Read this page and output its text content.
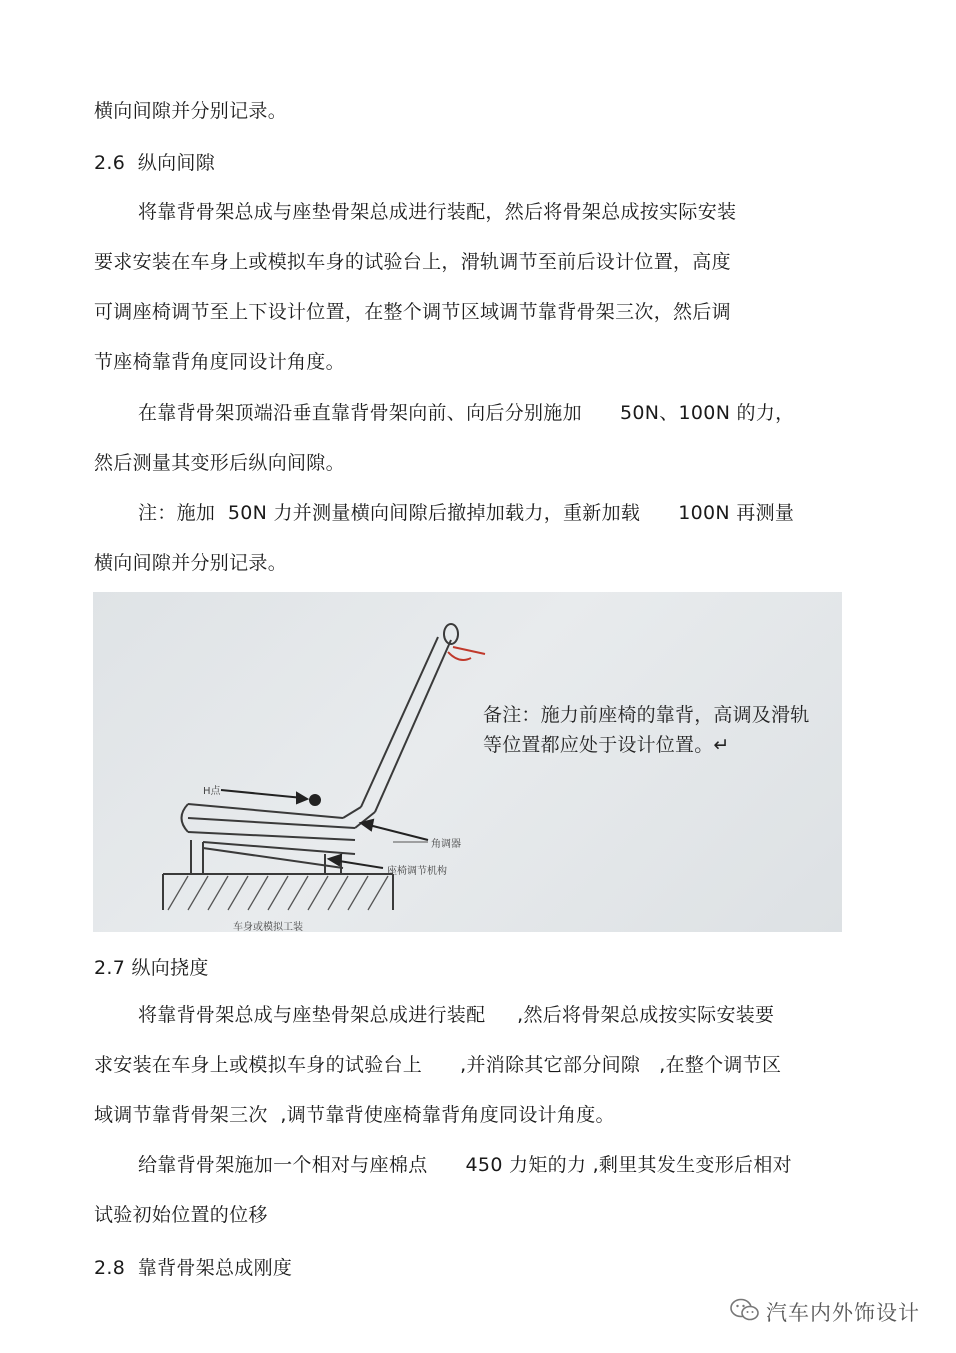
横向间隙并分别记录。
2.6  纵向间隙
将靠背骨架总成与座垫骨架总成进行装配，然后将骨架总成按实际安装
要求安装在车身上或模拟车身的试验台上，滑轨调节至前后设计位置，高度
可调座椅调节至上下设计位置，在整个调节区域调节靠背骨架三次，然后调
节座椅靠背角度同设计角度。
在靠背骨架顶端沿垂直靠背骨架向前、向后分别施加      50N、100N 的力，
然后测量其变形后纵向间隙。
注：施加  50N 力并测量横向间隙后撤掉加载力，重新加载      100N 再测量
横向间隙并分别记录。
备注：施力前座椅的靠背，高调及滑轨
等位置都应处于设计位置。↵
H点
角调器
座椅调节机构
车身或模拟工装
2.7 纵向挠度
将靠背骨架总成与座垫骨架总成进行装配     ,然后将骨架总成按实际安装要
求安装在车身上或模拟车身的试验台上      ,并消除其它部分间隙   ,在整个调节区
域调节靠背骨架三次  ,调节靠背使座椅靠背角度同设计角度。
给靠背骨架施加一个相对与座棉点      450 力矩的力 ,剩里其发生变形后相对
试验初始位置的位移
2.8  靠背骨架总成刚度
汽车内外饰设计
